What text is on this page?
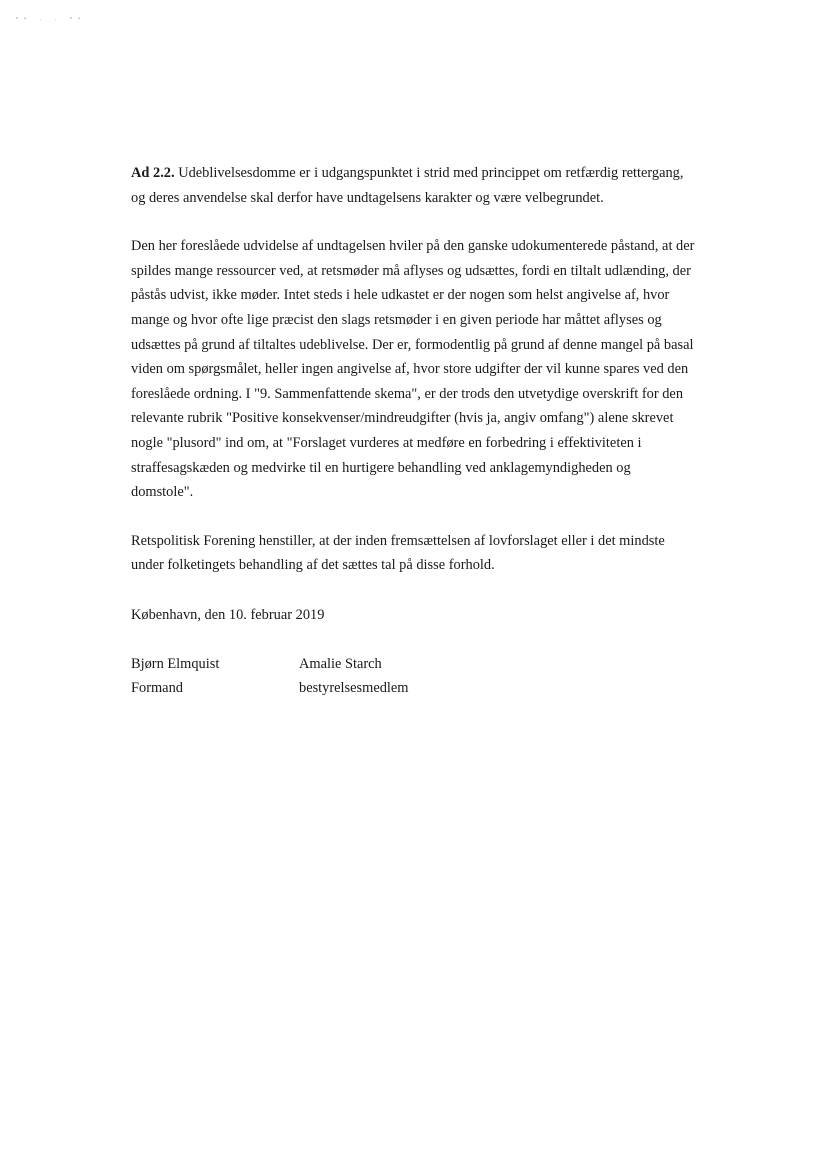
ᵇᵉ · · ᵇᵉ

Ad 2.2. Udeblivelsesdomme er i udgangspunktet i strid med princippet om retfærdig rettergang,
og deres anvendelse skal derfor have undtagelsens karakter og være velbegrundet.

Den her foreslåede udvidelse af undtagelsen hviler på den ganske udokumenterede påstand, at der
spildes mange ressourcer ved, at retsmøder må aflyses og udsættes, fordi en tiltalt udlænding, der
påstås udvist, ikke møder. Intet steds i hele udkastet er der nogen som helst angivelse af, hvor
mange og hvor ofte lige præcist den slags retsmøder i en given periode har måttet aflyses og
udsættes på grund af tiltaltes udeblivelse. Der er, formodentlig på grund af denne mangel på basal
viden om spørgsmålet, heller ingen angivelse af, hvor store udgifter der vil kunne spares ved den
foreslåede ordning. I "9. Sammenfattende skema", er der trods den utvetydige overskrift for den
relevante rubrik "Positive konsekvenser/mindreudgifter (hvis ja, angiv omfang") alene skrevet
nogle "plusord" ind om, at "Forslaget vurderes at medføre en forbedring i effektiviteten i
straffesagskæden og medvirke til en hurtigere behandling ved anklagemyndigheden og
domstole".

Retspolitisk Forening henstiller, at der inden fremsættelsen af lovforslaget eller i det mindste
under folketingets behandling af det sættes tal på disse forhold.

København, den 10. februar 2019

Bjørn Elmquist
Formand
Amalie Starch
bestyrelsesmedlem
